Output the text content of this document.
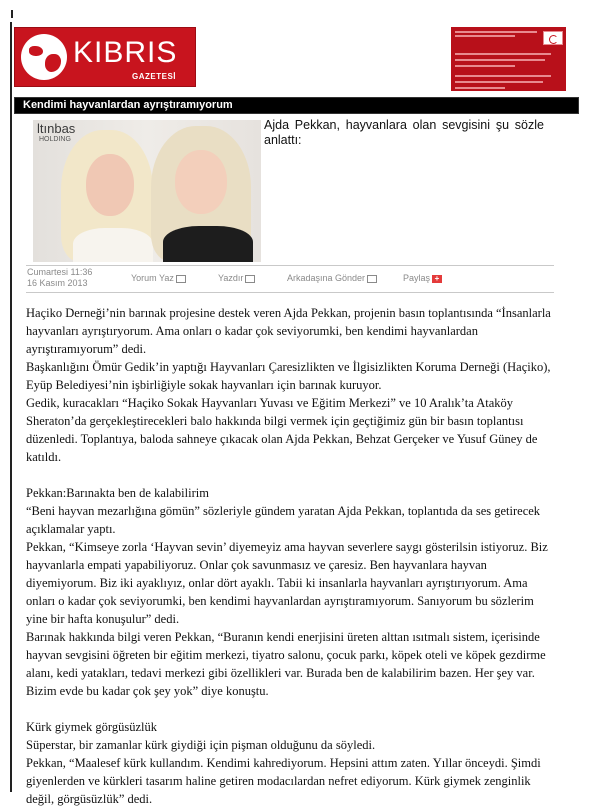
KIBRIS
GAZETESİ

Kendimi hayvanlardan ayrıştıramıyorum
ltınbas
HOLDING
Ajda Pekkan, hayvanlara olan sevgisini şu sözle anlattı:
Cumartesi 11:36
16 Kasım 2013	Yorum Yaz	Yazdır	Arkadaşına Gönder	Paylaş +

Haçiko Derneği’nin barınak projesine destek veren Ajda Pekkan, projenin basın toplantısında “İnsanlarla hayvanları ayrıştıryorum. Ama onları o kadar çok seviyorumki, ben kendimi hayvanlardan ayrıştıramıyorum” dedi.

Başkanlığını Ömür Gedik’in yaptığı Hayvanları Çaresizlikten ve İlgisizlikten Koruma Derneği (Haçiko), Eyüp Belediyesi’nin işbirliğiyle sokak hayvanları için barınak kuruyor.

Gedik, kuracakları “Haçiko Sokak Hayvanları Yuvası ve Eğitim Merkezi” ve 10 Aralık’ta Ataköy Sheraton’da gerçekleştirecekleri balo hakkında bilgi vermek için geçtiğimiz gün bir basın toplantısı düzenledi. Toplantıya, baloda sahneye çıkacak olan Ajda Pekkan, Behzat Gerçeker ve Yusuf Güney de katıldı.

Pekkan:Barınakta ben de kalabilirim

“Beni hayvan mezarlığına gömün” sözleriyle gündem yaratan Ajda Pekkan, toplantıda da ses getirecek açıklamalar yaptı.

Pekkan, “Kimseye zorla ‘Hayvan sevin’ diyemeyiz ama hayvan severlere saygı gösterilsin istiyoruz. Biz hayvanlarla empati yapabiliyoruz. Onlar çok savunmasız ve çaresiz. Ben hayvanlara hayvan diyemiyorum. Biz iki ayaklıyız, onlar dört ayaklı. Tabii ki insanlarla hayvanları ayrıştırıyorum. Ama onları o kadar çok seviyorumki, ben kendimi hayvanlardan ayrıştıramıyorum. Sanıyorum bu sözlerim yine bir hafta konuşulur” dedi.

Barınak hakkında bilgi veren Pekkan, “Buranın kendi enerjisini üreten alttan ısıtmalı sistem, içerisinde hayvan sevgisini öğreten bir eğitim merkezi, tiyatro salonu, çocuk parkı, köpek oteli ve köpek gezdirme alanı, kedi yatakları, tedavi merkezi gibi özellikleri var. Burada ben de kalabilirim bazen. Her şey var. Bizim evde bu kadar çok şey yok” diye konuştu.

Kürk giymek görgüsüzlük

Süperstar, bir zamanlar kürk giydiği için pişman olduğunu da söyledi.

Pekkan, “Maalesef kürk kullandım. Kendimi kahrediyorum. Hepsini attım zaten. Yıllar önceydi. Şimdi giyenlerden ve kürkleri tasarım haline getiren modacılardan nefret ediyorum. Kürk giymek zenginlik değil, görgüsüzlük” dedi.
